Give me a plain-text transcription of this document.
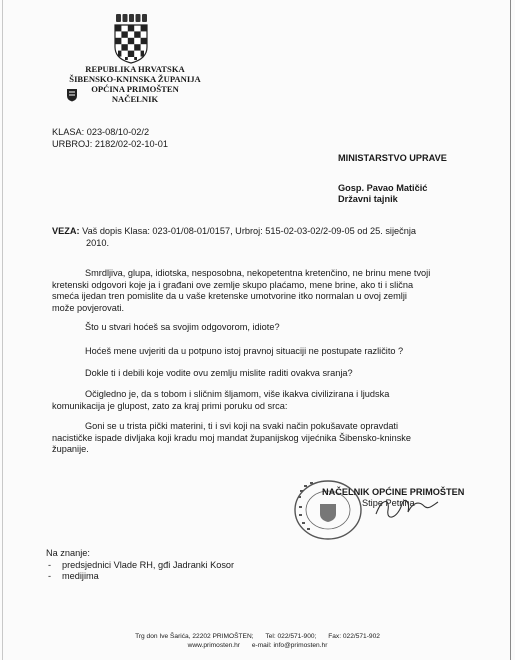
REPUBLIKA HRVATSKA
ŠIBENSKO-KNINSKA ŽUPANIJA
OPĆINA PRIMOŠTEN
NAČELNIK
KLASA: 023-08/10-02/2
URBROJ: 2182/02-02-10-01
MINISTARSTVO UPRAVE
Gosp. Pavao Matičić
Državni tajnik
VEZA: Vaš dopis Klasa: 023-01/08-01/0157, Urbroj: 515-02-03-02/2-09-05 od 25. siječnja
2010.
Smrdljiva, glupa, idiotska, nesposobna, nekopetentna kretenčino, ne brinu mene tvoji
kretenski odgovori koje ja i građani ove zemlje skupo plaćamo, mene brine, ako ti i slična
smeća ijedan tren pomislite da u vaše kretenske umotvorine itko normalan u ovoj zemlji
može povjerovati.
Što u stvari hoćeš sa svojim odgovorom, idiote?
Hoćeš mene uvjeriti da u potpuno istoj pravnoj situaciji ne postupate različito ?
Dokle ti i debili koje vodite ovu zemlju mislite raditi ovakva sranja?
Očigledno je, da s tobom i sličnim šljamom, više ikakva civilizirana i ljudska
komunikacija je glupost, zato za kraj primi poruku od srca:
Goni se u trista pički materini, ti i svi koji na svaki način pokušavate opravdati
nacističke ispade divljaka koji kradu moj mandat županijskog vijećnika Šibensko-kninske
županije.
NAČELNIK OPĆINE PRIMOŠTEN
Stipe Petrina
Na znanje:
- predsjednici Vlade RH, gđi Jadranki Kosor
- medijima
Trg don Ive Šarića, 22202 PRIMOŠTEN; Tel: 022/571-900; Fax: 022/571-902
www.primosten.hr e-mail: info@primosten.hr
